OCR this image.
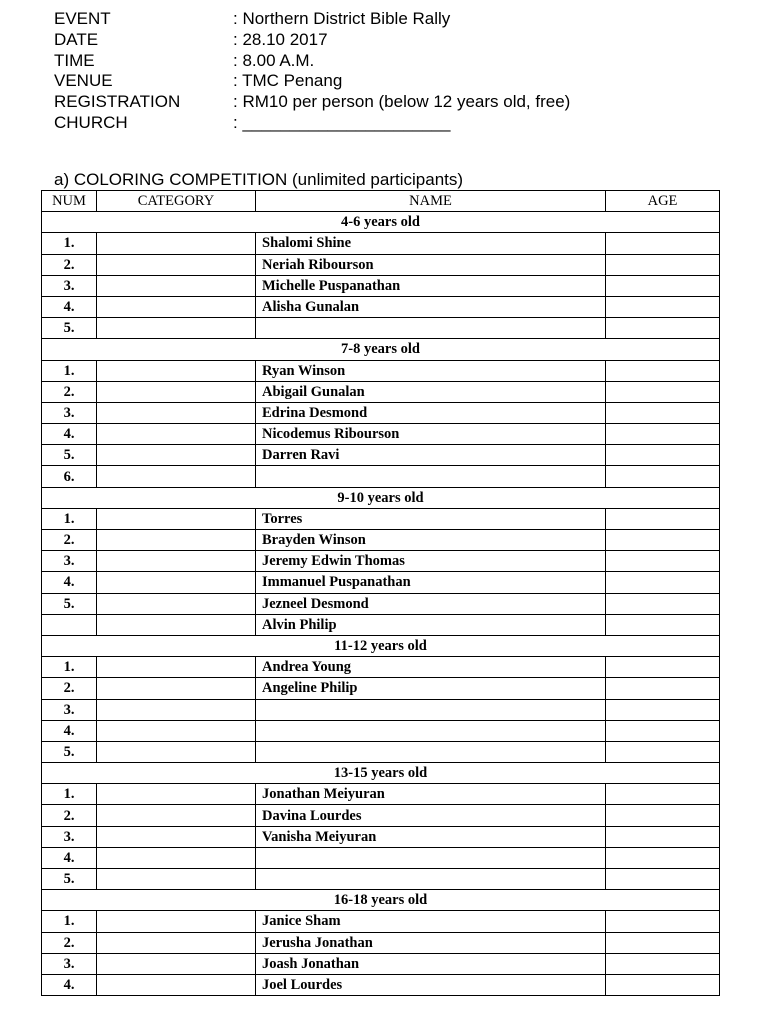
EVENT	: Northern District Bible Rally
DATE	: 28.10 2017
TIME	: 8.00 A.M.
VENUE	: TMC Penang
REGISTRATION	: RM10 per person (below 12 years old, free)
CHURCH	: ______________________
a) COLORING COMPETITION (unlimited participants)
NUM	CATEGORY	NAME	AGE
4-6 years old			
1.		Shalomi Shine	
2.		Neriah Ribourson	
3.		Michelle Puspanathan	
4.		Alisha Gunalan	
5.			
7-8 years old			
1.		Ryan Winson	
2.		Abigail Gunalan	
3.		Edrina Desmond	
4.		Nicodemus Ribourson	
5.		Darren Ravi	
6.			
9-10 years old			
1.		Torres	
2.		Brayden Winson	
3.		Jeremy Edwin Thomas	
4.		Immanuel Puspanathan	
5.		Jezneel Desmond	
		Alvin Philip	
11-12 years old			
1.		Andrea Young	
2.		Angeline Philip	
3.			
4.			
5.			
13-15 years old			
1.		Jonathan Meiyuran	
2.		Davina Lourdes	
3.		Vanisha Meiyuran	
4.			
5.			
16-18 years old			
1.		Janice Sham	
2.		Jerusha Jonathan	
3.		Joash Jonathan	
4.		Joel Lourdes	
